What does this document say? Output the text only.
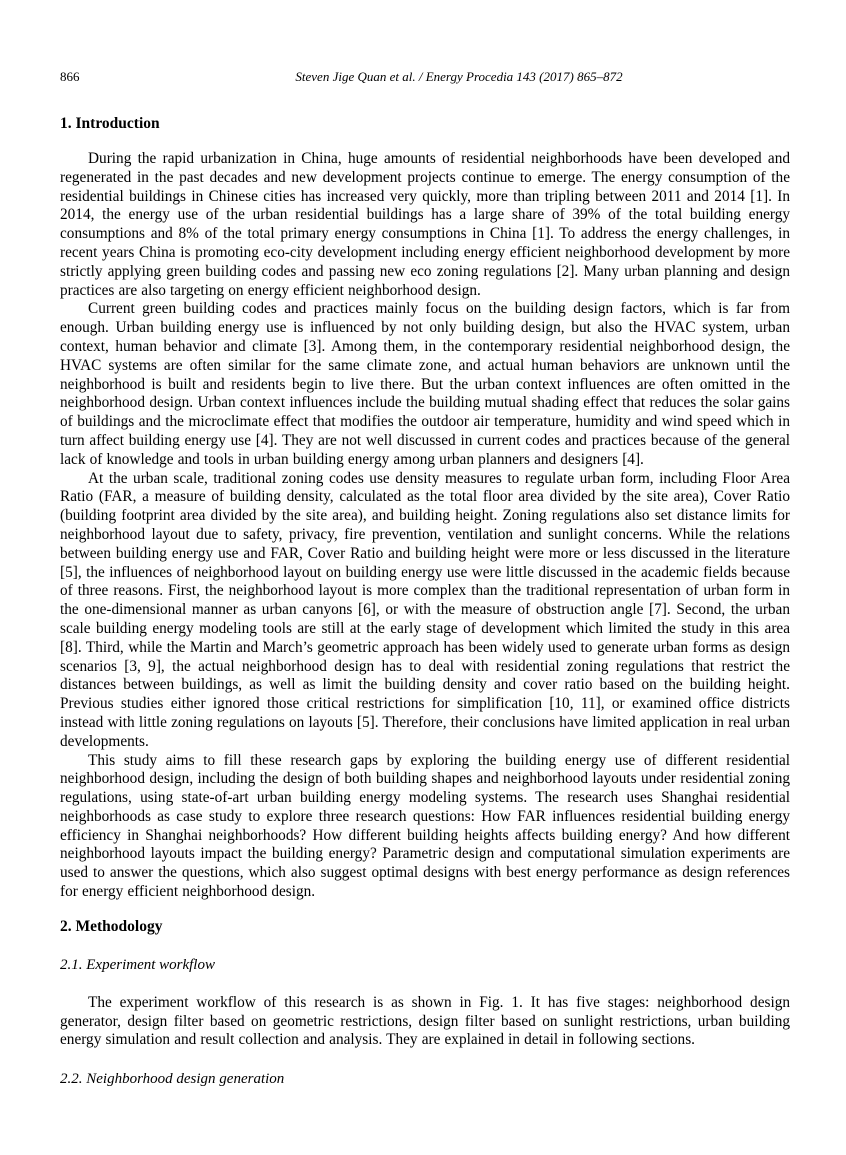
866	Steven Jige Quan et al. / Energy Procedia 143 (2017) 865–872
1. Introduction

During the rapid urbanization in China, huge amounts of residential neighborhoods have been developed and regenerated in the past decades and new development projects continue to emerge. The energy consumption of the residential buildings in Chinese cities has increased very quickly, more than tripling between 2011 and 2014 [1]. In 2014, the energy use of the urban residential buildings has a large share of 39% of the total building energy consumptions and 8% of the total primary energy consumptions in China [1]. To address the energy challenges, in recent years China is promoting eco-city development including energy efficient neighborhood development by more strictly applying green building codes and passing new eco zoning regulations [2]. Many urban planning and design practices are also targeting on energy efficient neighborhood design.

Current green building codes and practices mainly focus on the building design factors, which is far from enough. Urban building energy use is influenced by not only building design, but also the HVAC system, urban context, human behavior and climate [3]. Among them, in the contemporary residential neighborhood design, the HVAC systems are often similar for the same climate zone, and actual human behaviors are unknown until the neighborhood is built and residents begin to live there. But the urban context influences are often omitted in the neighborhood design. Urban context influences include the building mutual shading effect that reduces the solar gains of buildings and the microclimate effect that modifies the outdoor air temperature, humidity and wind speed which in turn affect building energy use [4]. They are not well discussed in current codes and practices because of the general lack of knowledge and tools in urban building energy among urban planners and designers [4].

At the urban scale, traditional zoning codes use density measures to regulate urban form, including Floor Area Ratio (FAR, a measure of building density, calculated as the total floor area divided by the site area), Cover Ratio (building footprint area divided by the site area), and building height. Zoning regulations also set distance limits for neighborhood layout due to safety, privacy, fire prevention, ventilation and sunlight concerns. While the relations between building energy use and FAR, Cover Ratio and building height were more or less discussed in the literature [5], the influences of neighborhood layout on building energy use were little discussed in the academic fields because of three reasons. First, the neighborhood layout is more complex than the traditional representation of urban form in the one-dimensional manner as urban canyons [6], or with the measure of obstruction angle [7]. Second, the urban scale building energy modeling tools are still at the early stage of development which limited the study in this area [8]. Third, while the Martin and March’s geometric approach has been widely used to generate urban forms as design scenarios [3, 9], the actual neighborhood design has to deal with residential zoning regulations that restrict the distances between buildings, as well as limit the building density and cover ratio based on the building height. Previous studies either ignored those critical restrictions for simplification [10, 11], or examined office districts instead with little zoning regulations on layouts [5]. Therefore, their conclusions have limited application in real urban developments.

This study aims to fill these research gaps by exploring the building energy use of different residential neighborhood design, including the design of both building shapes and neighborhood layouts under residential zoning regulations, using state-of-art urban building energy modeling systems. The research uses Shanghai residential neighborhoods as case study to explore three research questions: How FAR influences residential building energy efficiency in Shanghai neighborhoods? How different building heights affects building energy? And how different neighborhood layouts impact the building energy? Parametric design and computational simulation experiments are used to answer the questions, which also suggest optimal designs with best energy performance as design references for energy efficient neighborhood design.

2. Methodology
2.1. Experiment workflow

The experiment workflow of this research is as shown in Fig. 1. It has five stages: neighborhood design generator, design filter based on geometric restrictions, design filter based on sunlight restrictions, urban building energy simulation and result collection and analysis. They are explained in detail in following sections.

2.2. Neighborhood design generation
